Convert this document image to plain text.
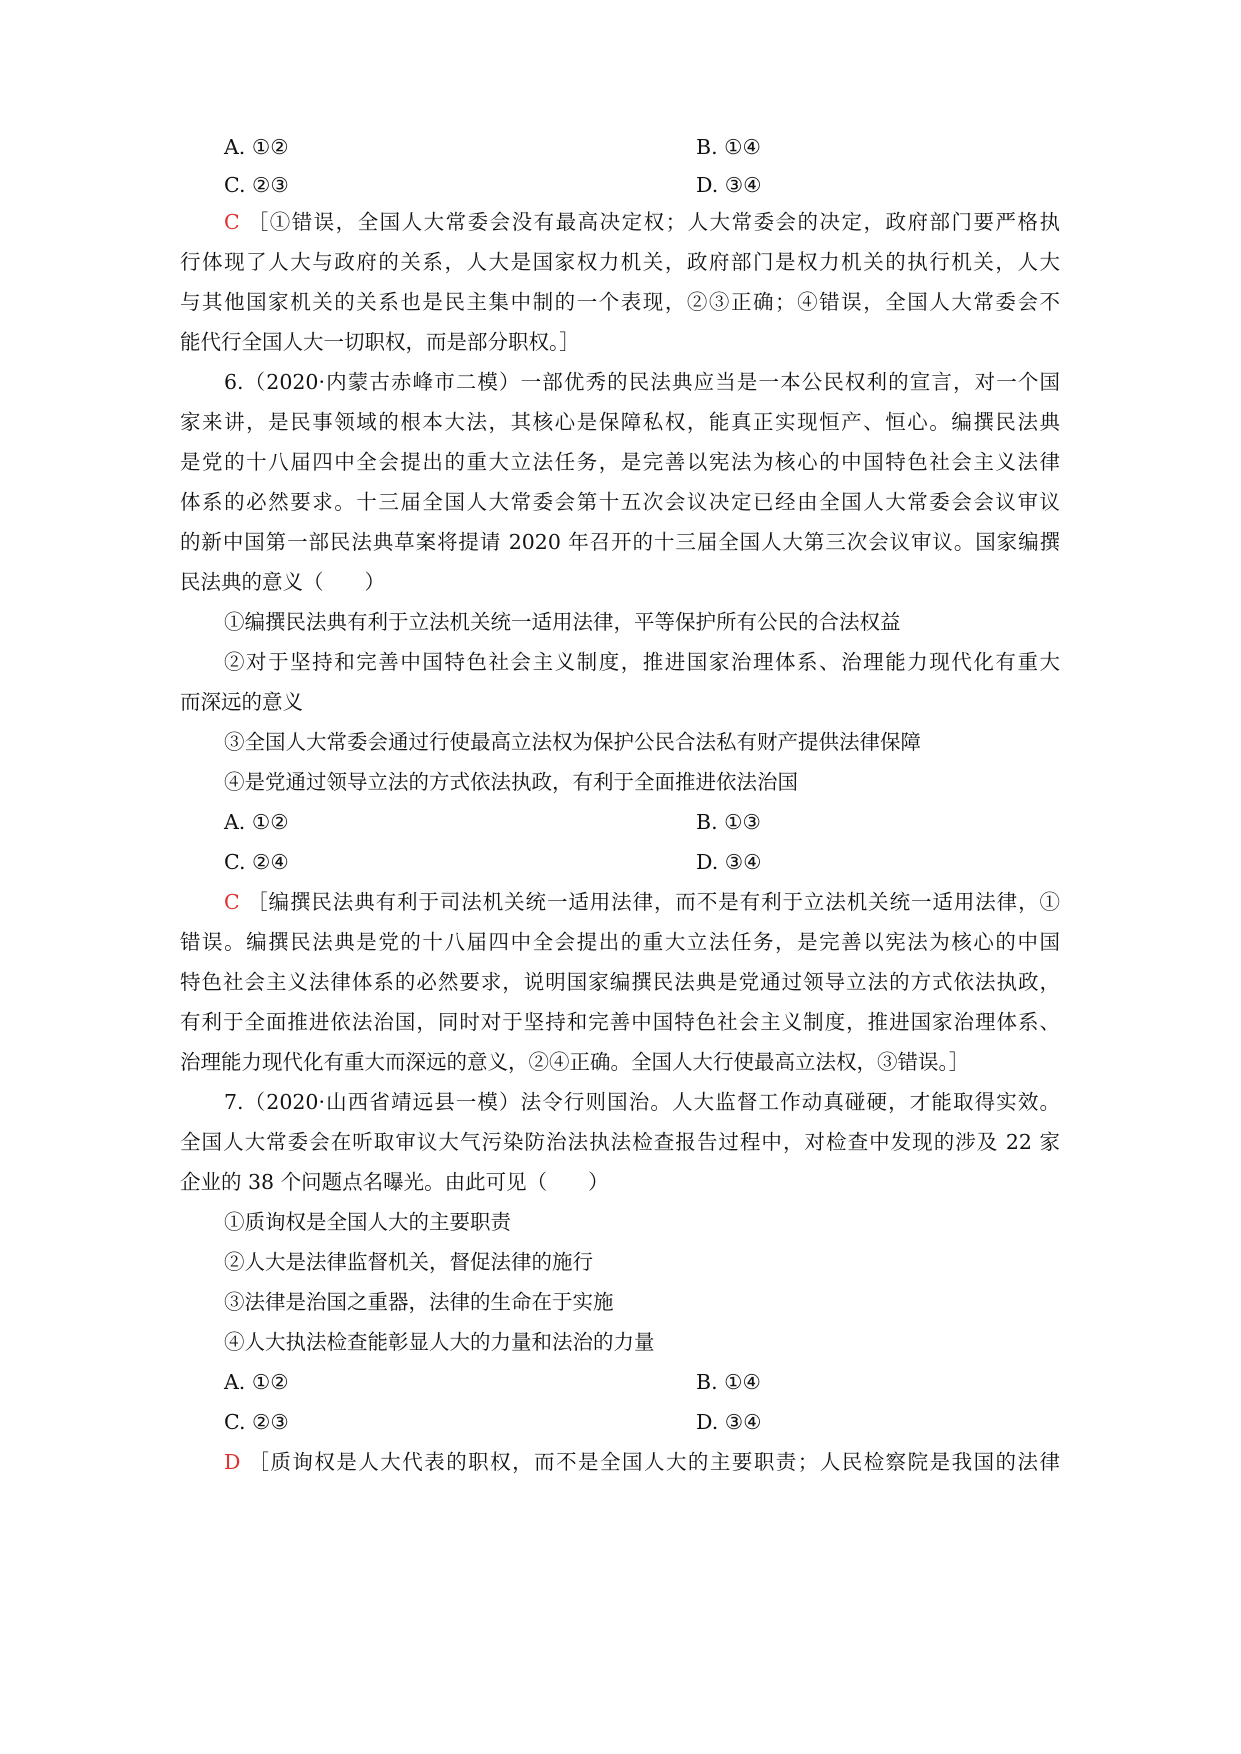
A. ①②	B. ①④
C. ②③	D. ③④
C ［①错误，全国人大常委会没有最高决定权；人大常委会的决定，政府部门要严格执
行体现了人大与政府的关系，人大是国家权力机关，政府部门是权力机关的执行机关，人大
与其他国家机关的关系也是民主集中制的一个表现，②③正确；④错误，全国人大常委会不
能代行全国人大一切职权，而是部分职权。］
6.（2020·内蒙古赤峰市二模）一部优秀的民法典应当是一本公民权利的宣言，对一个国
家来讲，是民事领域的根本大法，其核心是保障私权，能真正实现恒产、恒心。编撰民法典
是党的十八届四中全会提出的重大立法任务，是完善以宪法为核心的中国特色社会主义法律
体系的必然要求。十三届全国人大常委会第十五次会议决定已经由全国人大常委会会议审议
的新中国第一部民法典草案将提请 2020 年召开的十三届全国人大第三次会议审议。国家编撰
民法典的意义（　　）
①编撰民法典有利于立法机关统一适用法律，平等保护所有公民的合法权益
②对于坚持和完善中国特色社会主义制度，推进国家治理体系、治理能力现代化有重大
而深远的意义
③全国人大常委会通过行使最高立法权为保护公民合法私有财产提供法律保障
④是党通过领导立法的方式依法执政，有利于全面推进依法治国
A. ①②	B. ①③
C. ②④	D. ③④
C ［编撰民法典有利于司法机关统一适用法律，而不是有利于立法机关统一适用法律，①
错误。编撰民法典是党的十八届四中全会提出的重大立法任务，是完善以宪法为核心的中国
特色社会主义法律体系的必然要求，说明国家编撰民法典是党通过领导立法的方式依法执政，
有利于全面推进依法治国，同时对于坚持和完善中国特色社会主义制度，推进国家治理体系、
治理能力现代化有重大而深远的意义，②④正确。全国人大行使最高立法权，③错误。］
7.（2020·山西省靖远县一模）法令行则国治。人大监督工作动真碰硬，才能取得实效。
全国人大常委会在听取审议大气污染防治法执法检查报告过程中，对检查中发现的涉及 22 家
企业的 38 个问题点名曝光。由此可见（　　）
①质询权是全国人大的主要职责
②人大是法律监督机关，督促法律的施行
③法律是治国之重器，法律的生命在于实施
④人大执法检查能彰显人大的力量和法治的力量
A. ①②	B. ①④
C. ②③	D. ③④
D ［质询权是人大代表的职权，而不是全国人大的主要职责；人民检察院是我国的法律
